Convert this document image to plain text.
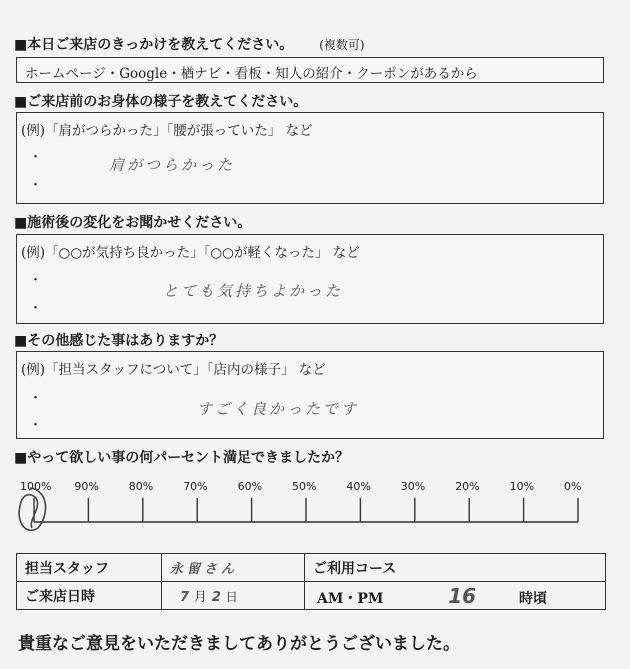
■本日ご来店のきっかけを教えてください。 (複数可)
ホームページ・Google・楢ナビ・看板・知人の紹介・クーポンがあるから
■ご来店前のお身体の様子を教えてください。
(例)「肩がつらかった」「腰が張っていた」 など
・
・
肩がつらかった
■施術後の変化をお聞かせください。
(例)「○○が気持ち良かった」「○○が軽くなった」 など
・
・
とても気持ちよかった
■その他感じた事はありますか？
(例)「担当スタッフについて」「店内の様子」 など
・
・
すごく良かったです
■やって欲しい事の何パーセント満足できましたか？
100% 90%	80%	70%	60%	50%	40%	30%	20%	10%	0%
担当スタッフ	永留さん	ご利用コース
ご来店日時	7 月 2 日	AM・PM 16 時頃
貴重なご意見をいただきましてありがとうございました。
